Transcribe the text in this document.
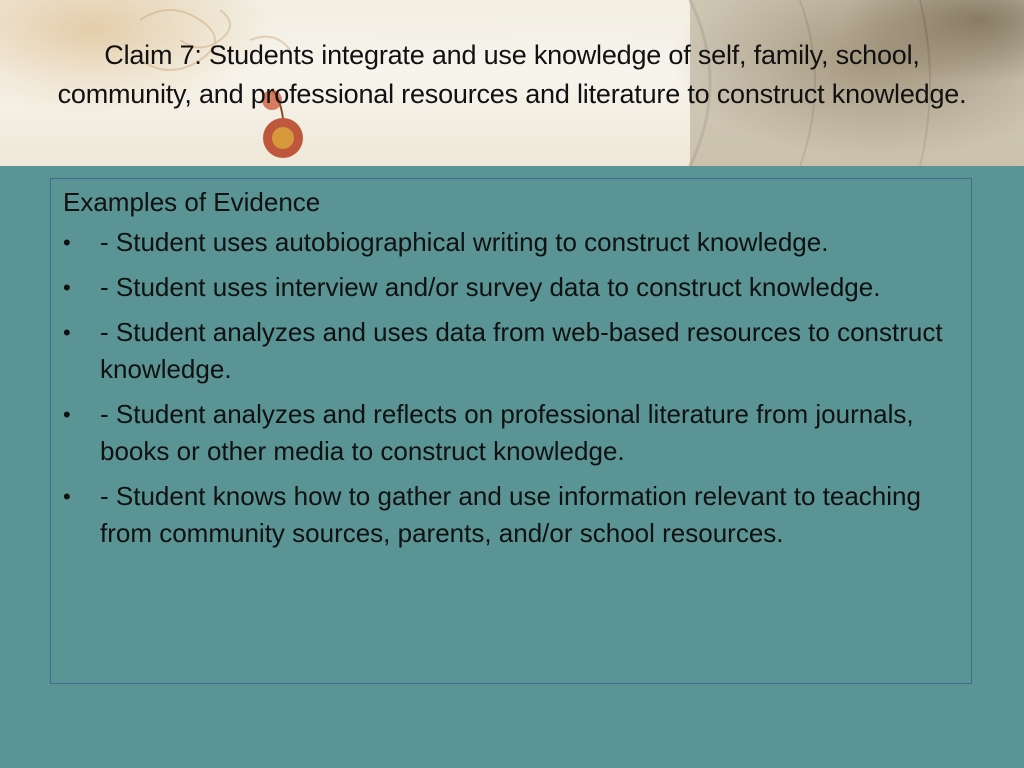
Claim 7: Students integrate and use knowledge of self, family, school, community, and professional resources and literature to construct knowledge.

Examples of Evidence

•	- Student uses autobiographical writing to construct knowledge.
•	- Student uses interview and/or survey data to construct knowledge.
•	- Student analyzes and uses data from web-based resources to construct knowledge.
•	- Student analyzes and reflects on professional literature from journals, books or other media to construct knowledge.
•	- Student knows how to gather and use information relevant to teaching from community sources, parents, and/or school resources.
